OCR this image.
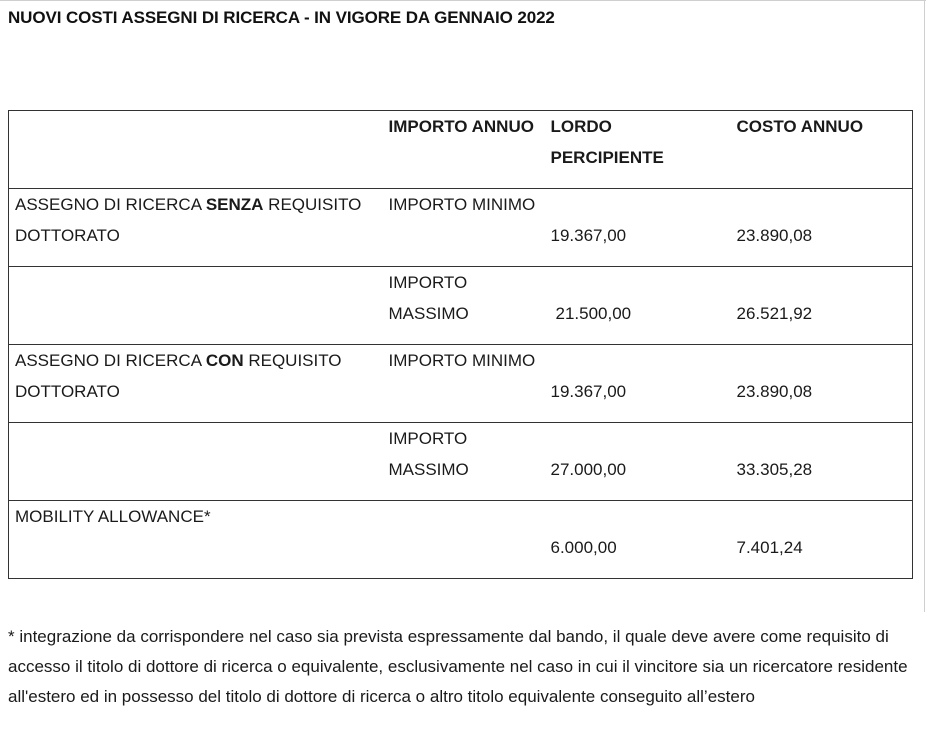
NUOVI COSTI ASSEGNI DI RICERCA - IN VIGORE DA GENNAIO 2022
	IMPORTO ANNUO	LORDO PERCIPIENTE	COSTO ANNUO
ASSEGNO DI RICERCA SENZA REQUISITO DOTTORATO	IMPORTO MINIMO	19.367,00	23.890,08

	IMPORTO MASSIMO	21.500,00	26.521,92

ASSEGNO DI RICERCA CON REQUISITO DOTTORATO	IMPORTO MINIMO	19.367,00	23.890,08

	IMPORTO MASSIMO	27.000,00	33.305,28

MOBILITY ALLOWANCE*		6.000,00	7.401,24
* integrazione da corrispondere nel caso sia prevista espressamente dal bando, il quale deve avere come requisito di accesso il titolo di dottore di ricerca o equivalente, esclusivamente nel caso in cui il vincitore sia un ricercatore residente all'estero ed in possesso del titolo di dottore di ricerca o altro titolo equivalente conseguito all’estero
